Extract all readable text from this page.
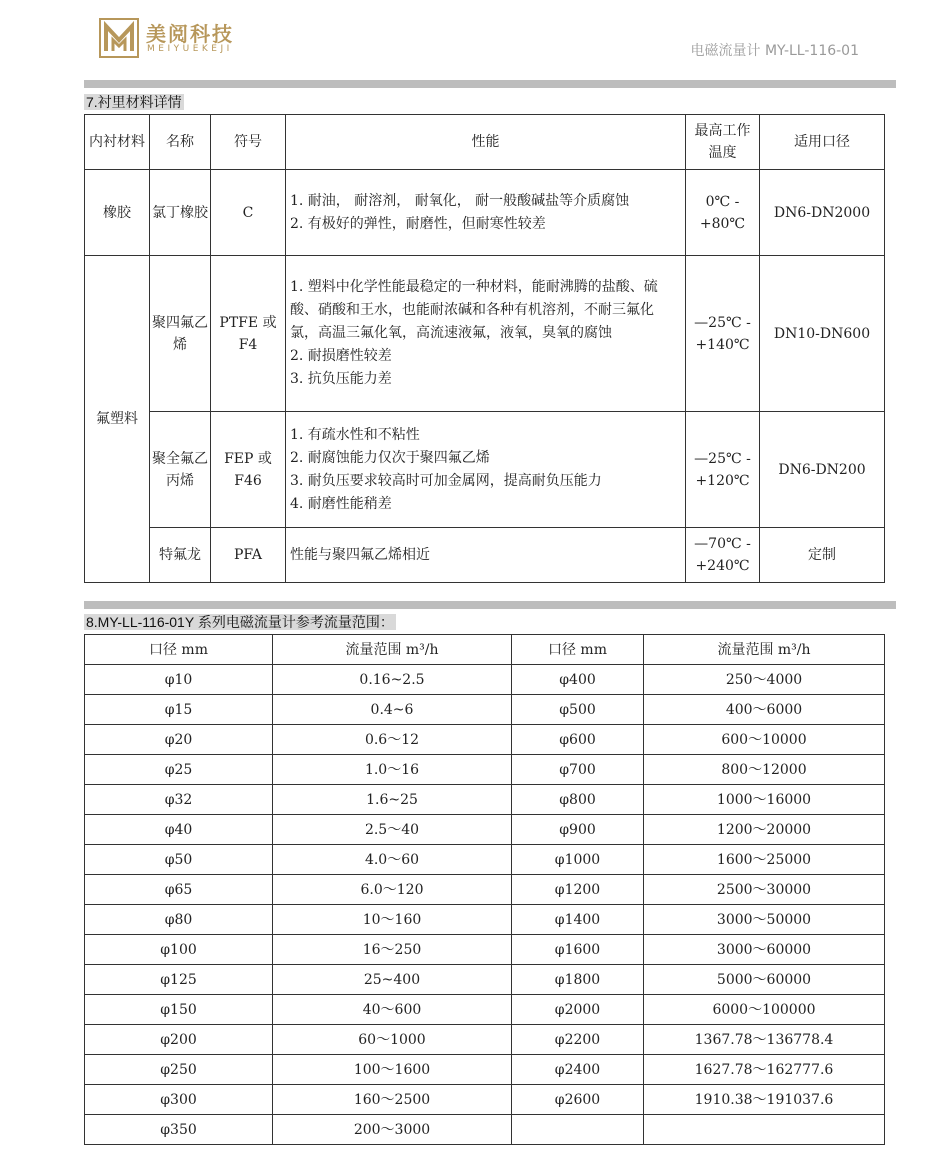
美阅科技
MEIYUEKEJI	电磁流量计 MY-LL-116-01
7.衬里材料详情
内衬材料	名称	符号	性能	最高工作温度	适用口径
橡胶	氯丁橡胶	C	1. 耐油， 耐溶剂， 耐氧化， 耐一般酸碱盐等介质腐蚀
2. 有极好的弹性，耐磨性，但耐寒性较差	0℃ - +80℃	DN6-DN2000
氟塑料	聚四氟乙烯	PTFE 或 F4	1. 塑料中化学性能最稳定的一种材料，能耐沸腾的盐酸、硫酸、硝酸和王水，也能耐浓碱和各种有机溶剂，不耐三氟化氯，高温三氟化氧，高流速液氟，液氧，臭氧的腐蚀
2. 耐损磨性较差
3. 抗负压能力差	—25℃ - +140℃	DN10-DN600
	聚全氟乙丙烯	FEP 或 F46	1. 有疏水性和不粘性
2. 耐腐蚀能力仅次于聚四氟乙烯
3. 耐负压要求较高时可加金属网，提高耐负压能力
4. 耐磨性能稍差	—25℃ - +120℃	DN6-DN200
	特氟龙	PFA	性能与聚四氟乙烯相近	—70℃ - +240℃	定制
8.MY-LL-116-01Y 系列电磁流量计参考流量范围：
口径 mm	流量范围 m³/h	口径 mm	流量范围 m³/h
φ10	0.16~2.5	φ400	250～4000
φ15	0.4~6	φ500	400～6000
φ20	0.6～12	φ600	600～10000
φ25	1.0～16	φ700	800～12000
φ32	1.6~25	φ800	1000～16000
φ40	2.5～40	φ900	1200～20000
φ50	4.0～60	φ1000	1600～25000
φ65	6.0～120	φ1200	2500～30000
φ80	10～160	φ1400	3000～50000
φ100	16～250	φ1600	3000～60000
φ125	25~400	φ1800	5000～60000
φ150	40～600	φ2000	6000～100000
φ200	60～1000	φ2200	1367.78～136778.4
φ250	100～1600	φ2400	1627.78～162777.6
φ300	160～2500	φ2600	1910.38～191037.6
φ350	200～3000		
